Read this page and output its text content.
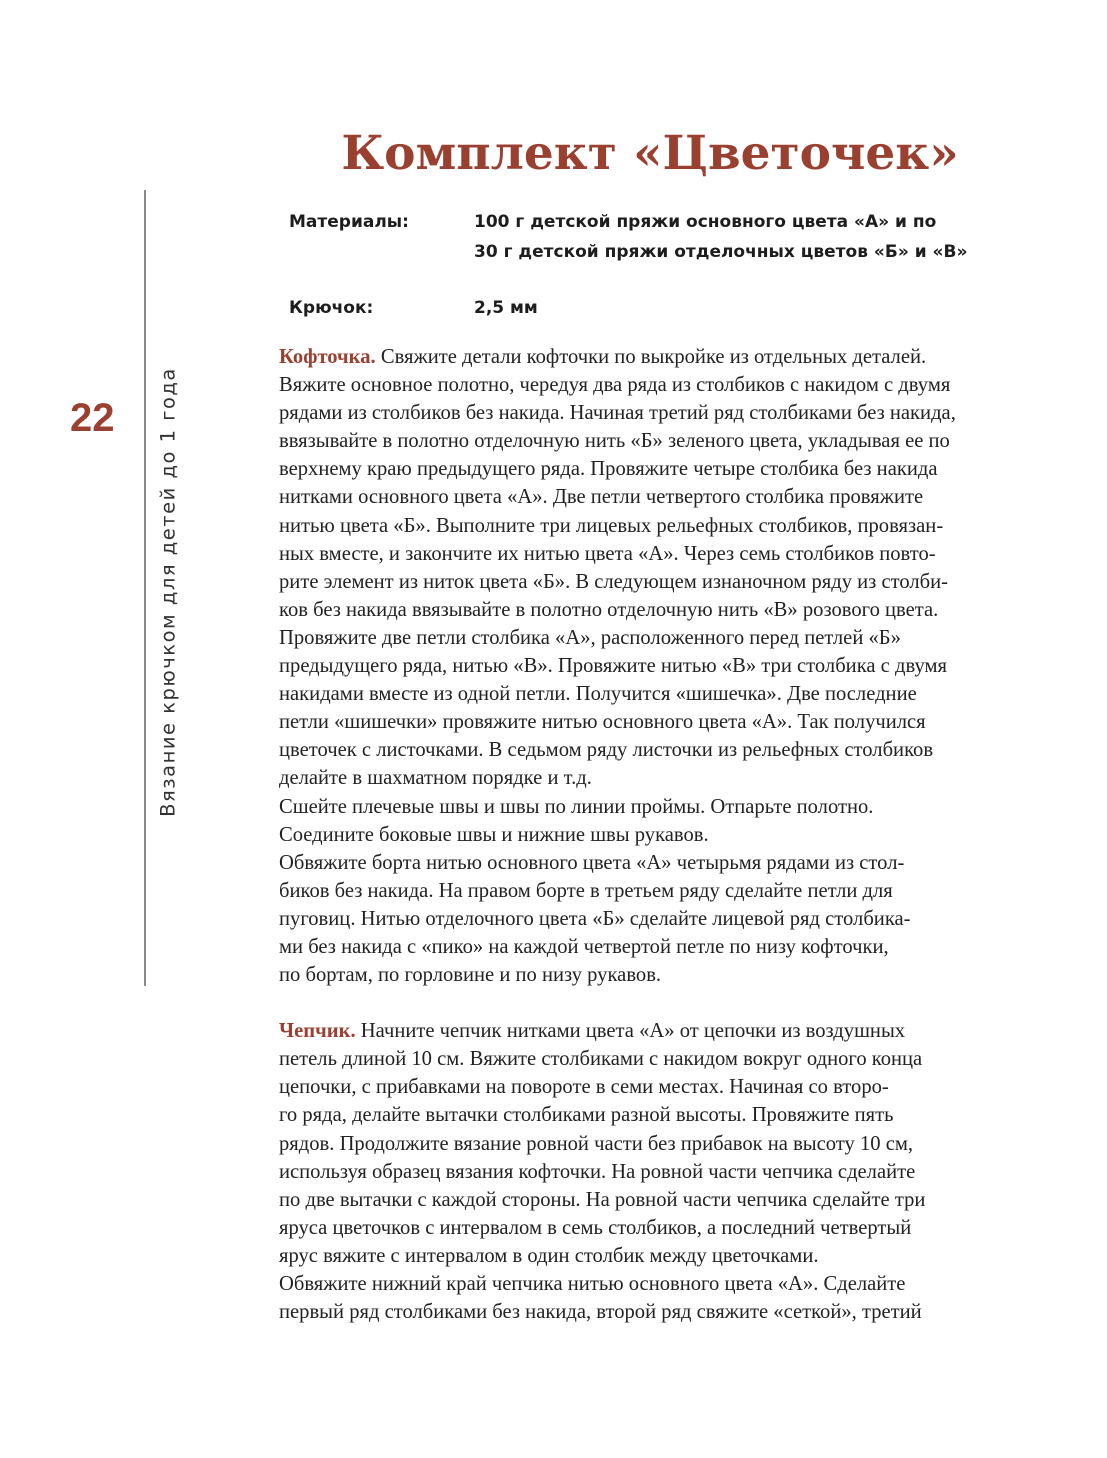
Комплект «Цветочек»
22	Вязание крючком для детей до 1 года
Материалы:	100 г детской пряжи основного цвета «А» и по
30 г детской пряжи отделочных цветов «Б» и «В»
Крючок:	2,5 мм
Кофточка. Свяжите детали кофточки по выкройке из отдельных деталей.
Вяжите основное полотно, чередуя два ряда из столбиков с накидом с двумя
рядами из столбиков без накида. Начиная третий ряд столбиками без накида,
ввязывайте в полотно отделочную нить «Б» зеленого цвета, укладывая ее по
верхнему краю предыдущего ряда. Провяжите четыре столбика без накида
нитками основного цвета «А». Две петли четвертого столбика провяжите
нитью цвета «Б». Выполните три лицевых рельефных столбиков, провязан-
ных вместе, и закончите их нитью цвета «А». Через семь столбиков повто-
рите элемент из ниток цвета «Б». В следующем изнаночном ряду из столби-
ков без накида ввязывайте в полотно отделочную нить «В» розового цвета.
Провяжите две петли столбика «А», расположенного перед петлей «Б»
предыдущего ряда, нитью «В». Провяжите нитью «В» три столбика с двумя
накидами вместе из одной петли. Получится «шишечка». Две последние
петли «шишечки» провяжите нитью основного цвета «А». Так получился
цветочек с листочками. В седьмом ряду листочки из рельефных столбиков
делайте в шахматном порядке и т.д.
Сшейте плечевые швы и швы по линии проймы. Отпарьте полотно.
Соедините боковые швы и нижние швы рукавов.
Обвяжите борта нитью основного цвета «А» четырьмя рядами из стол-
биков без накида. На правом борте в третьем ряду сделайте петли для
пуговиц. Нитью отделочного цвета «Б» сделайте лицевой ряд столбика-
ми без накида с «пико» на каждой четвертой петле по низу кофточки,
по бортам, по горловине и по низу рукавов.
Чепчик. Начните чепчик нитками цвета «А» от цепочки из воздушных
петель длиной 10 см. Вяжите столбиками с накидом вокруг одного конца
цепочки, с прибавками на повороте в семи местах. Начиная со второ-
го ряда, делайте вытачки столбиками разной высоты. Провяжите пять
рядов. Продолжите вязание ровной части без прибавок на высоту 10 см,
используя образец вязания кофточки. На ровной части чепчика сделайте
по две вытачки с каждой стороны. На ровной части чепчика сделайте три
яруса цветочков с интервалом в семь столбиков, а последний четвертый
ярус вяжите с интервалом в один столбик между цветочками.
Обвяжите нижний край чепчика нитью основного цвета «А». Сделайте
первый ряд столбиками без накида, второй ряд свяжите «сеткой», третий
